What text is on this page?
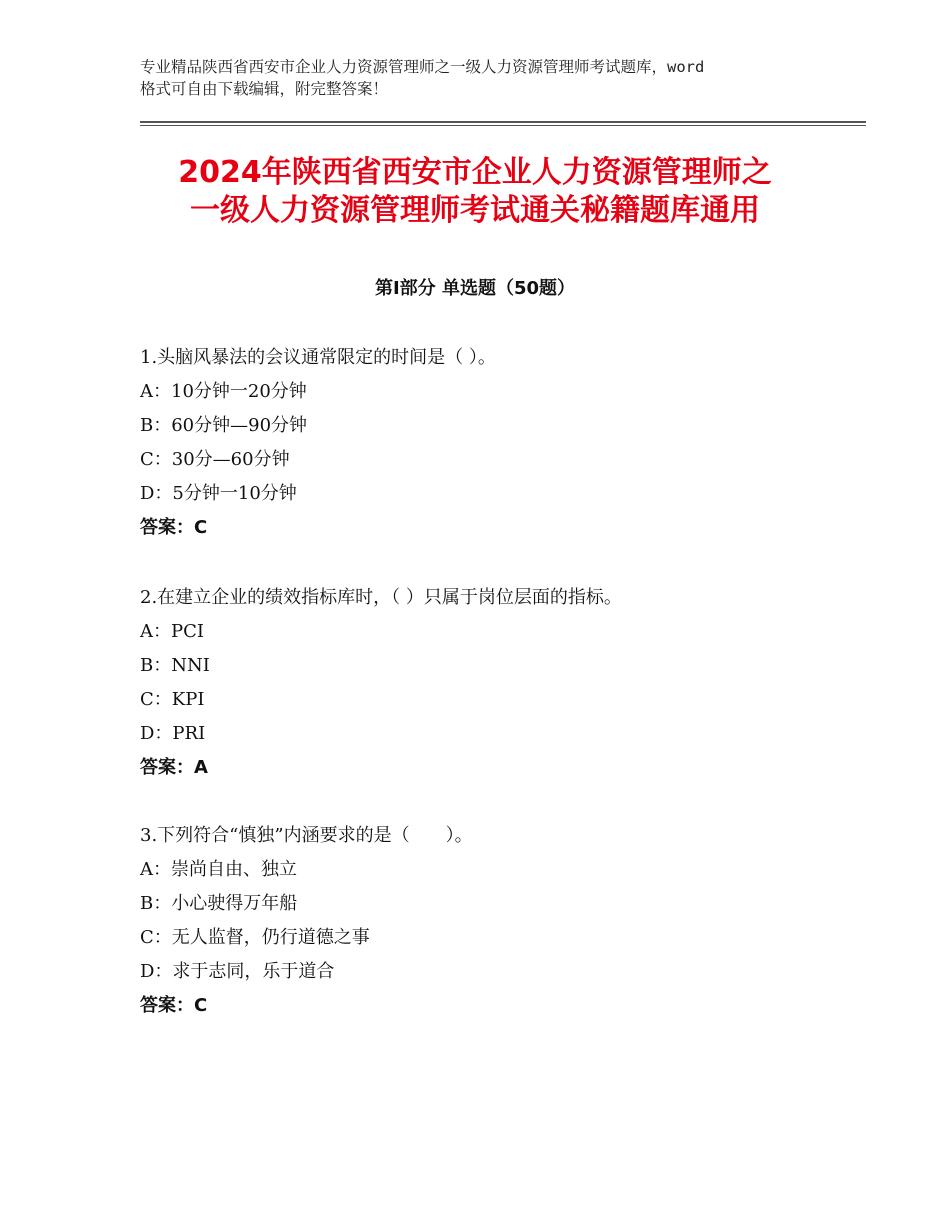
专业精品陕西省西安市企业人力资源管理师之一级人力资源管理师考试题库，word
格式可自由下载编辑，附完整答案！
2024年陕西省西安市企业人力资源管理师之
一级人力资源管理师考试通关秘籍题库通用
第Ⅰ部分 单选题（50题）
1.头脑风暴法的会议通常限定的时间是（ ）。
A：10分钟一20分钟
B：60分钟—90分钟
C：30分—60分钟
D：5分钟一10分钟
答案：C
2.在建立企业的绩效指标库时，（ ）只属于岗位层面的指标。
A：PCI
B：NNI
C：KPI
D：PRI
答案：A
3.下列符合“慎独”内涵要求的是（　　）。
A：崇尚自由、独立
B：小心驶得万年船
C：无人监督，仍行道德之事
D：求于志同，乐于道合
答案：C
